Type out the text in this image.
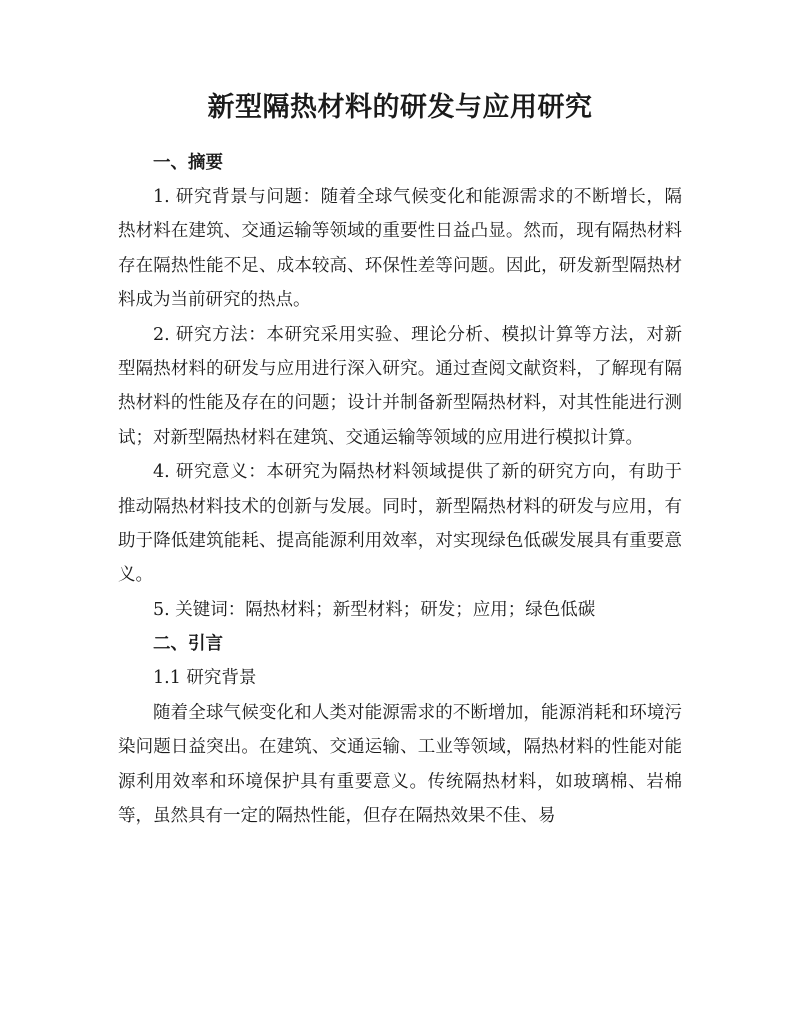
新型隔热材料的研发与应用研究

一、摘要

1. 研究背景与问题：随着全球气候变化和能源需求的不断增长，隔热材料在建筑、交通运输等领域的重要性日益凸显。然而，现有隔热材料存在隔热性能不足、成本较高、环保性差等问题。因此，研发新型隔热材料成为当前研究的热点。

2. 研究方法：本研究采用实验、理论分析、模拟计算等方法，对新型隔热材料的研发与应用进行深入研究。通过查阅文献资料，了解现有隔热材料的性能及存在的问题；设计并制备新型隔热材料，对其性能进行测试；对新型隔热材料在建筑、交通运输等领域的应用进行模拟计算。

4. 研究意义：本研究为隔热材料领域提供了新的研究方向，有助于推动隔热材料技术的创新与发展。同时，新型隔热材料的研发与应用，有助于降低建筑能耗、提高能源利用效率，对实现绿色低碳发展具有重要意义。

5. 关键词：隔热材料；新型材料；研发；应用；绿色低碳

二、引言

1.1 研究背景

随着全球气候变化和人类对能源需求的不断增加，能源消耗和环境污染问题日益突出。在建筑、交通运输、工业等领域，隔热材料的性能对能源利用效率和环境保护具有重要意义。传统隔热材料，如玻璃棉、岩棉等，虽然具有一定的隔热性能，但存在隔热效果不佳、易
